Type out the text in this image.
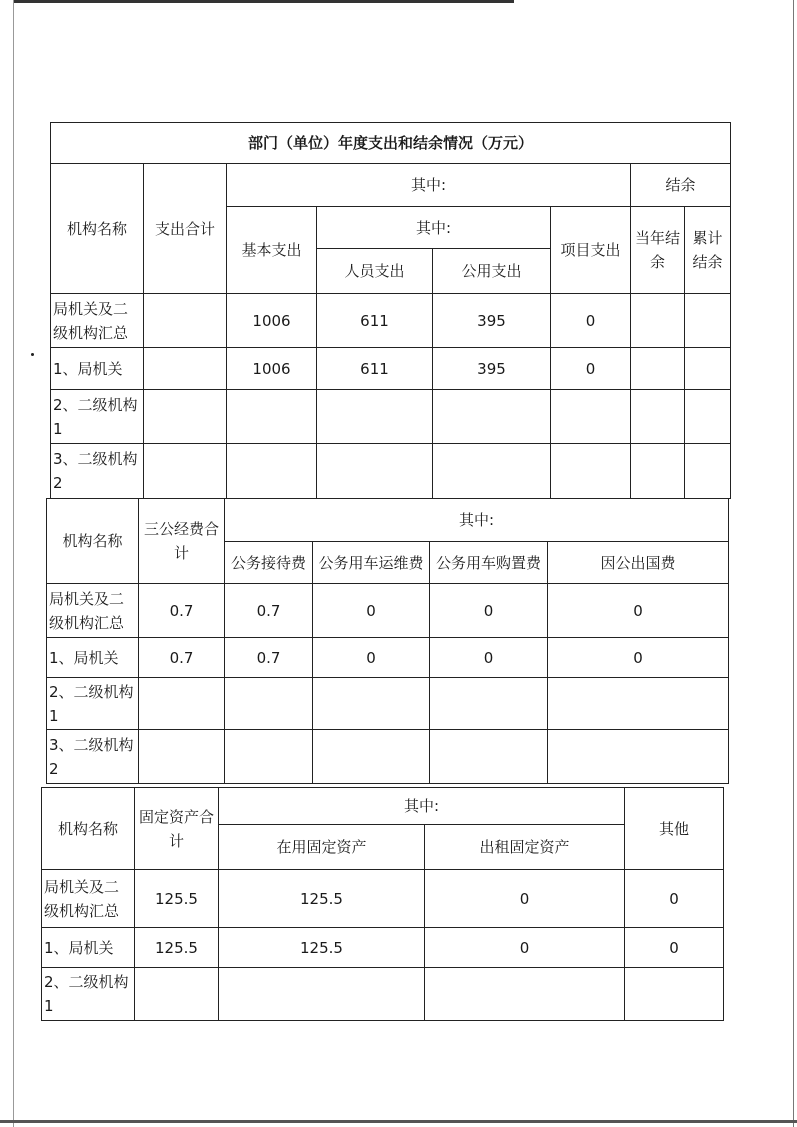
部门（单位）年度支出和结余情况（万元）							
机构名称	支出合计	其中:				结余	
		基本支出	其中:		项目支出	当年结余	累计结余
			人员支出	公用支出			
局机关及二级机构汇总		1006	611	395	0		
1、局机关		1006	611	395	0		
2、二级机构1							
3、二级机构2							
机构名称	三公经费合计	其中:			
		公务接待费	公务用车运维费	公务用车购置费	因公出国费
局机关及二级机构汇总	0.7	0.7	0	0	0
1、局机关	0.7	0.7	0	0	0
2、二级机构1					
3、二级机构2					
机构名称	固定资产合计	其中:		其他
		在用固定资产	出租固定资产	
局机关及二级机构汇总	125.5	125.5	0	0
1、局机关	125.5	125.5	0	0
2、二级机构1				
